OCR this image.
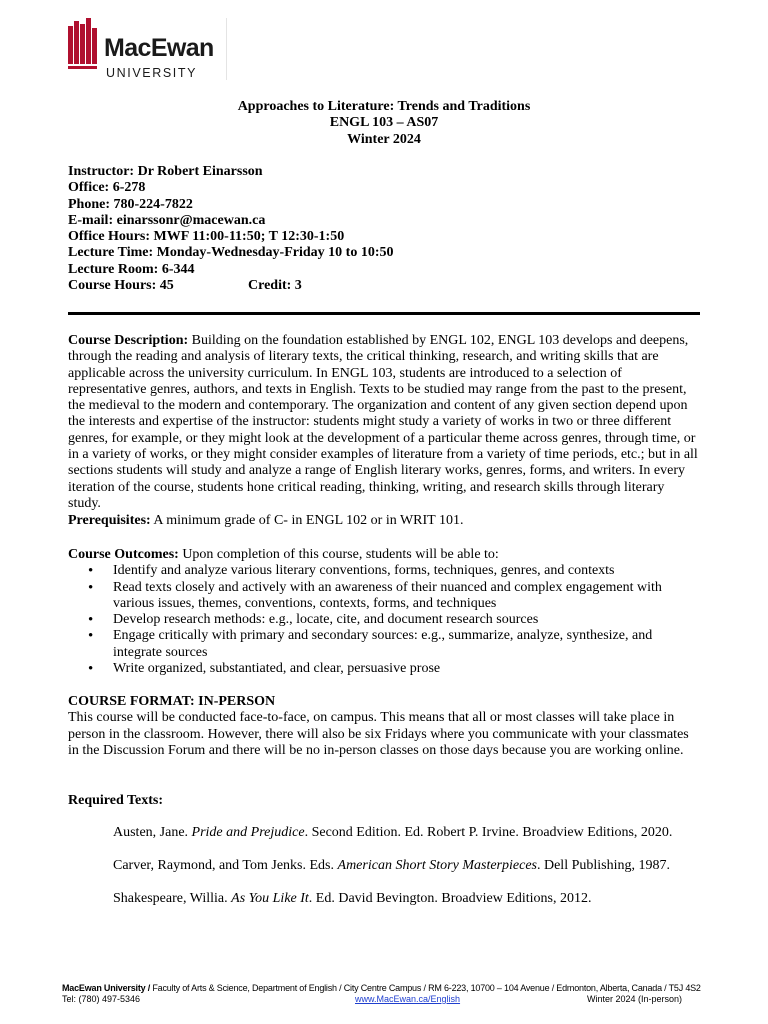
MacEwan
UNIVERSITY
Approaches to Literature: Trends and Traditions
ENGL 103 – AS07
Winter 2024
Instructor: Dr Robert Einarsson
Office: 6-278
Phone: 780-224-7822
E-mail: einarssonr@macewan.ca
Office Hours: MWF 11:00-11:50; T 12:30-1:50
Lecture Time: Monday-Wednesday-Friday 10 to 10:50
Lecture Room: 6-344
Course Hours: 45	Credit: 3

Course Description: Building on the foundation established by ENGL 102, ENGL 103 develops and deepens, through the reading and analysis of literary texts, the critical thinking, research, and writing skills that are applicable across the university curriculum. In ENGL 103, students are introduced to a selection of representative genres, authors, and texts in English. Texts to be studied may range from the past to the present, the medieval to the modern and contemporary. The organization and content of any given section depend upon the interests and expertise of the instructor: students might study a variety of works in two or three different genres, for example, or they might look at the development of a particular theme across genres, through time, or in a variety of works, or they might consider examples of literature from a variety of time periods, etc.; but in all sections students will study and analyze a range of English literary works, genres, forms, and writers. In every iteration of the course, students hone critical reading, thinking, writing, and research skills through literary study.

Prerequisites: A minimum grade of C- in ENGL 102 or in WRIT 101.
Course Outcomes: Upon completion of this course, students will be able to:
• Identify and analyze various literary conventions, forms, techniques, genres, and contexts
• Read texts closely and actively with an awareness of their nuanced and complex engagement with various issues, themes, conventions, contexts, forms, and techniques
• Develop research methods: e.g., locate, cite, and document research sources
• Engage critically with primary and secondary sources: e.g., summarize, analyze, synthesize, and integrate sources
• Write organized, substantiated, and clear, persuasive prose
COURSE FORMAT: IN-PERSON
This course will be conducted face-to-face, on campus. This means that all or most classes will take place in person in the classroom. However, there will also be six Fridays where you communicate with your classmates in the Discussion Forum and there will be no in-person classes on those days because you are working online.
Required Texts:
Austen, Jane. Pride and Prejudice. Second Edition. Ed. Robert P. Irvine. Broadview Editions, 2020.
Carver, Raymond, and Tom Jenks. Eds. American Short Story Masterpieces. Dell Publishing, 1987.
Shakespeare, Willia. As You Like It. Ed. David Bevington. Broadview Editions, 2012.
MacEwan University / Faculty of Arts & Science, Department of English / City Centre Campus / RM 6-223, 10700 – 104 Avenue / Edmonton, Alberta, Canada / T5J 4S2
Tel: (780) 497-5346	www.MacEwan.ca/English	Winter 2024 (In-person)
